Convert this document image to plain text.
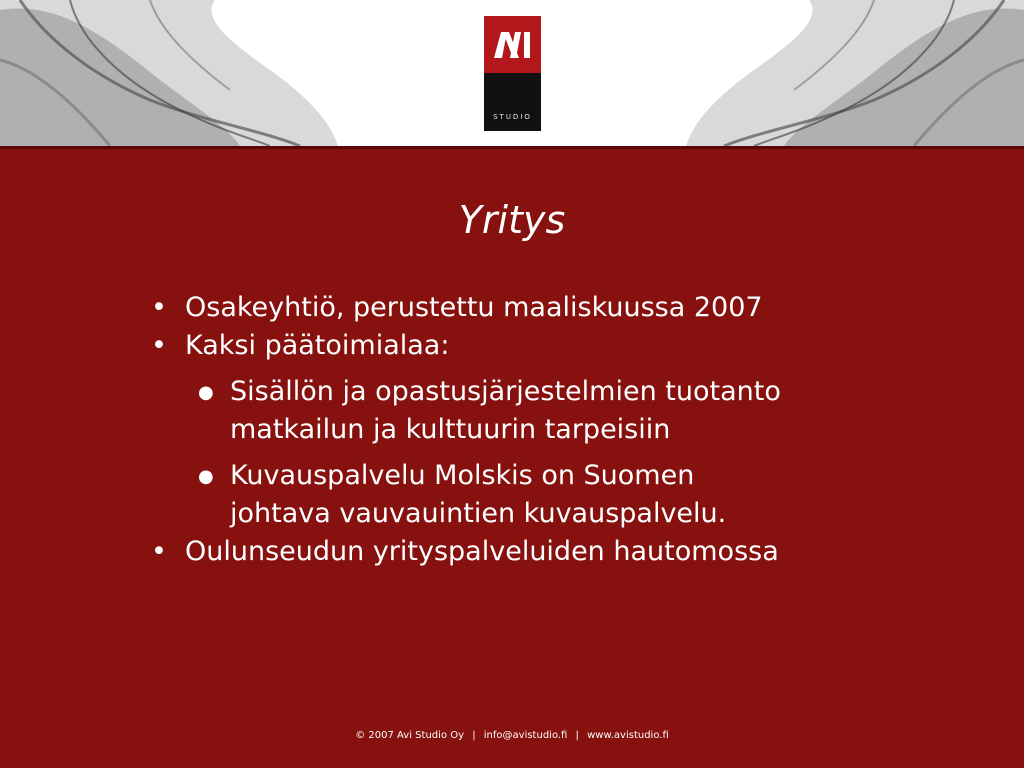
STUDIO
Yritys
• Osakeyhtiö, perustettu maaliskuussa 2007
• Kaksi päätoimialaa:
● Sisällön ja opastusjärjestelmien tuotanto
matkailun ja kulttuurin tarpeisiin
● Kuvauspalvelu Molskis on Suomen
johtava vauvauintien kuvauspalvelu.
• Oulunseudun yrityspalveluiden hautomossa
© 2007 Avi Studio Oy | info@avistudio.fi | www.avistudio.fi
